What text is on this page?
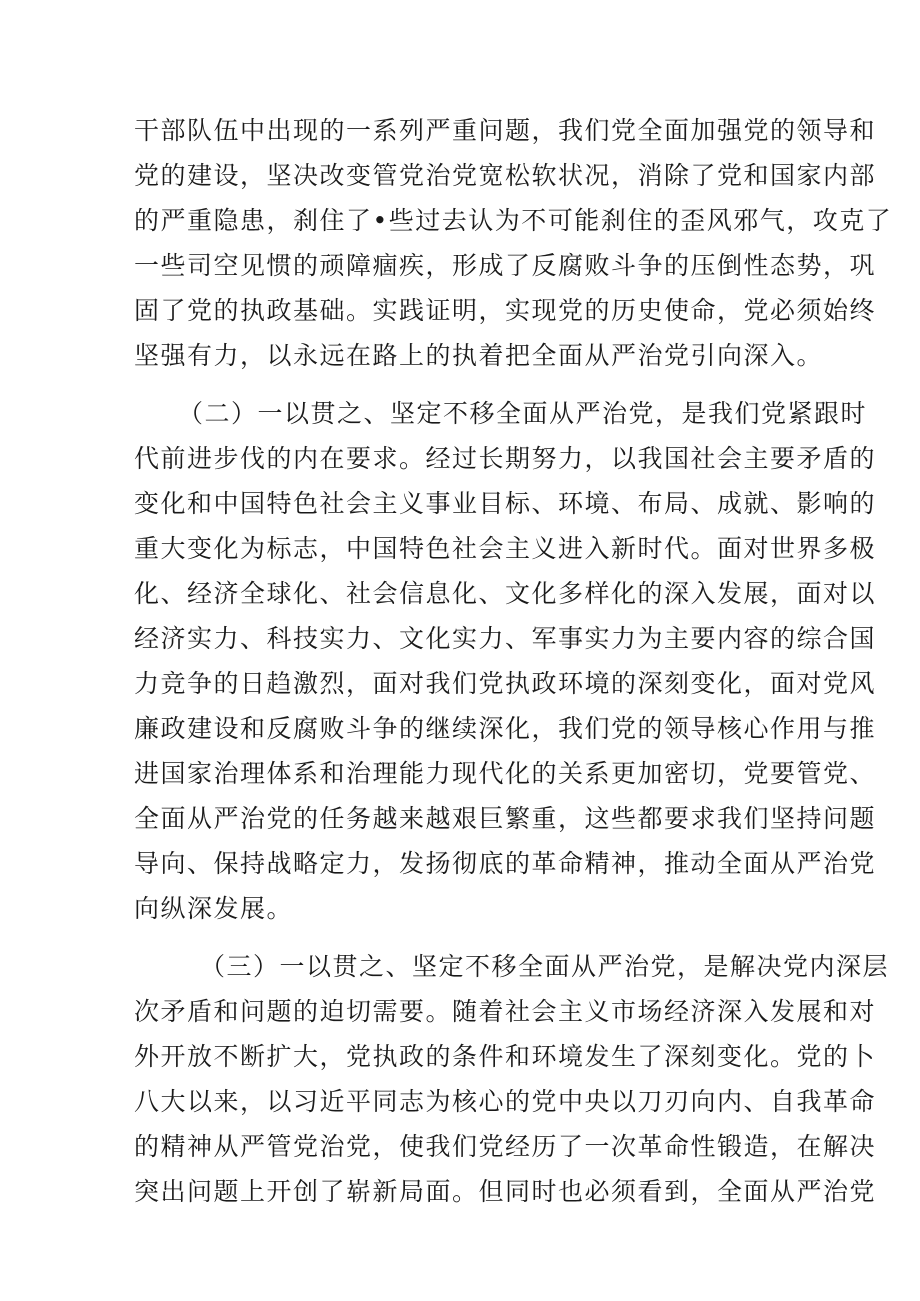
干部队伍中出现的一系列严重问题，我们党全面加强党的领导和
党的建设，坚决改变管党治党宽松软状况，消除了党和国家内部
的严重隐患，刹住了•些过去认为不可能刹住的歪风邪气，攻克了
一些司空见惯的顽障痼疾，形成了反腐败斗争的压倒性态势，巩
固了党的执政基础。实践证明，实现党的历史使命，党必须始终
坚强有力，以永远在路上的执着把全面从严治党引向深入。
（二）一以贯之、坚定不移全面从严治党，是我们党紧跟时
代前进步伐的内在要求。经过长期努力，以我国社会主要矛盾的
变化和中国特色社会主义事业目标、环境、布局、成就、影响的
重大变化为标志，中国特色社会主义进入新时代。面对世界多极
化、经济全球化、社会信息化、文化多样化的深入发展，面对以
经济实力、科技实力、文化实力、军事实力为主要内容的综合国
力竞争的日趋激烈，面对我们党执政环境的深刻变化，面对党风
廉政建设和反腐败斗争的继续深化，我们党的领导核心作用与推
进国家治理体系和治理能力现代化的关系更加密切，党要管党、
全面从严治党的任务越来越艰巨繁重，这些都要求我们坚持问题
导向、保持战略定力，发扬彻底的革命精神，推动全面从严治党
向纵深发展。
（三）一以贯之、坚定不移全面从严治党，是解决党内深层
次矛盾和问题的迫切需要。随着社会主义市场经济深入发展和对
外开放不断扩大，党执政的条件和环境发生了深刻变化。党的卜
八大以来，以习近平同志为核心的党中央以刀刃向内、自我革命
的精神从严管党治党，使我们党经历了一次革命性锻造，在解决
突出问题上开创了崭新局面。但同时也必须看到，全面从严治党
